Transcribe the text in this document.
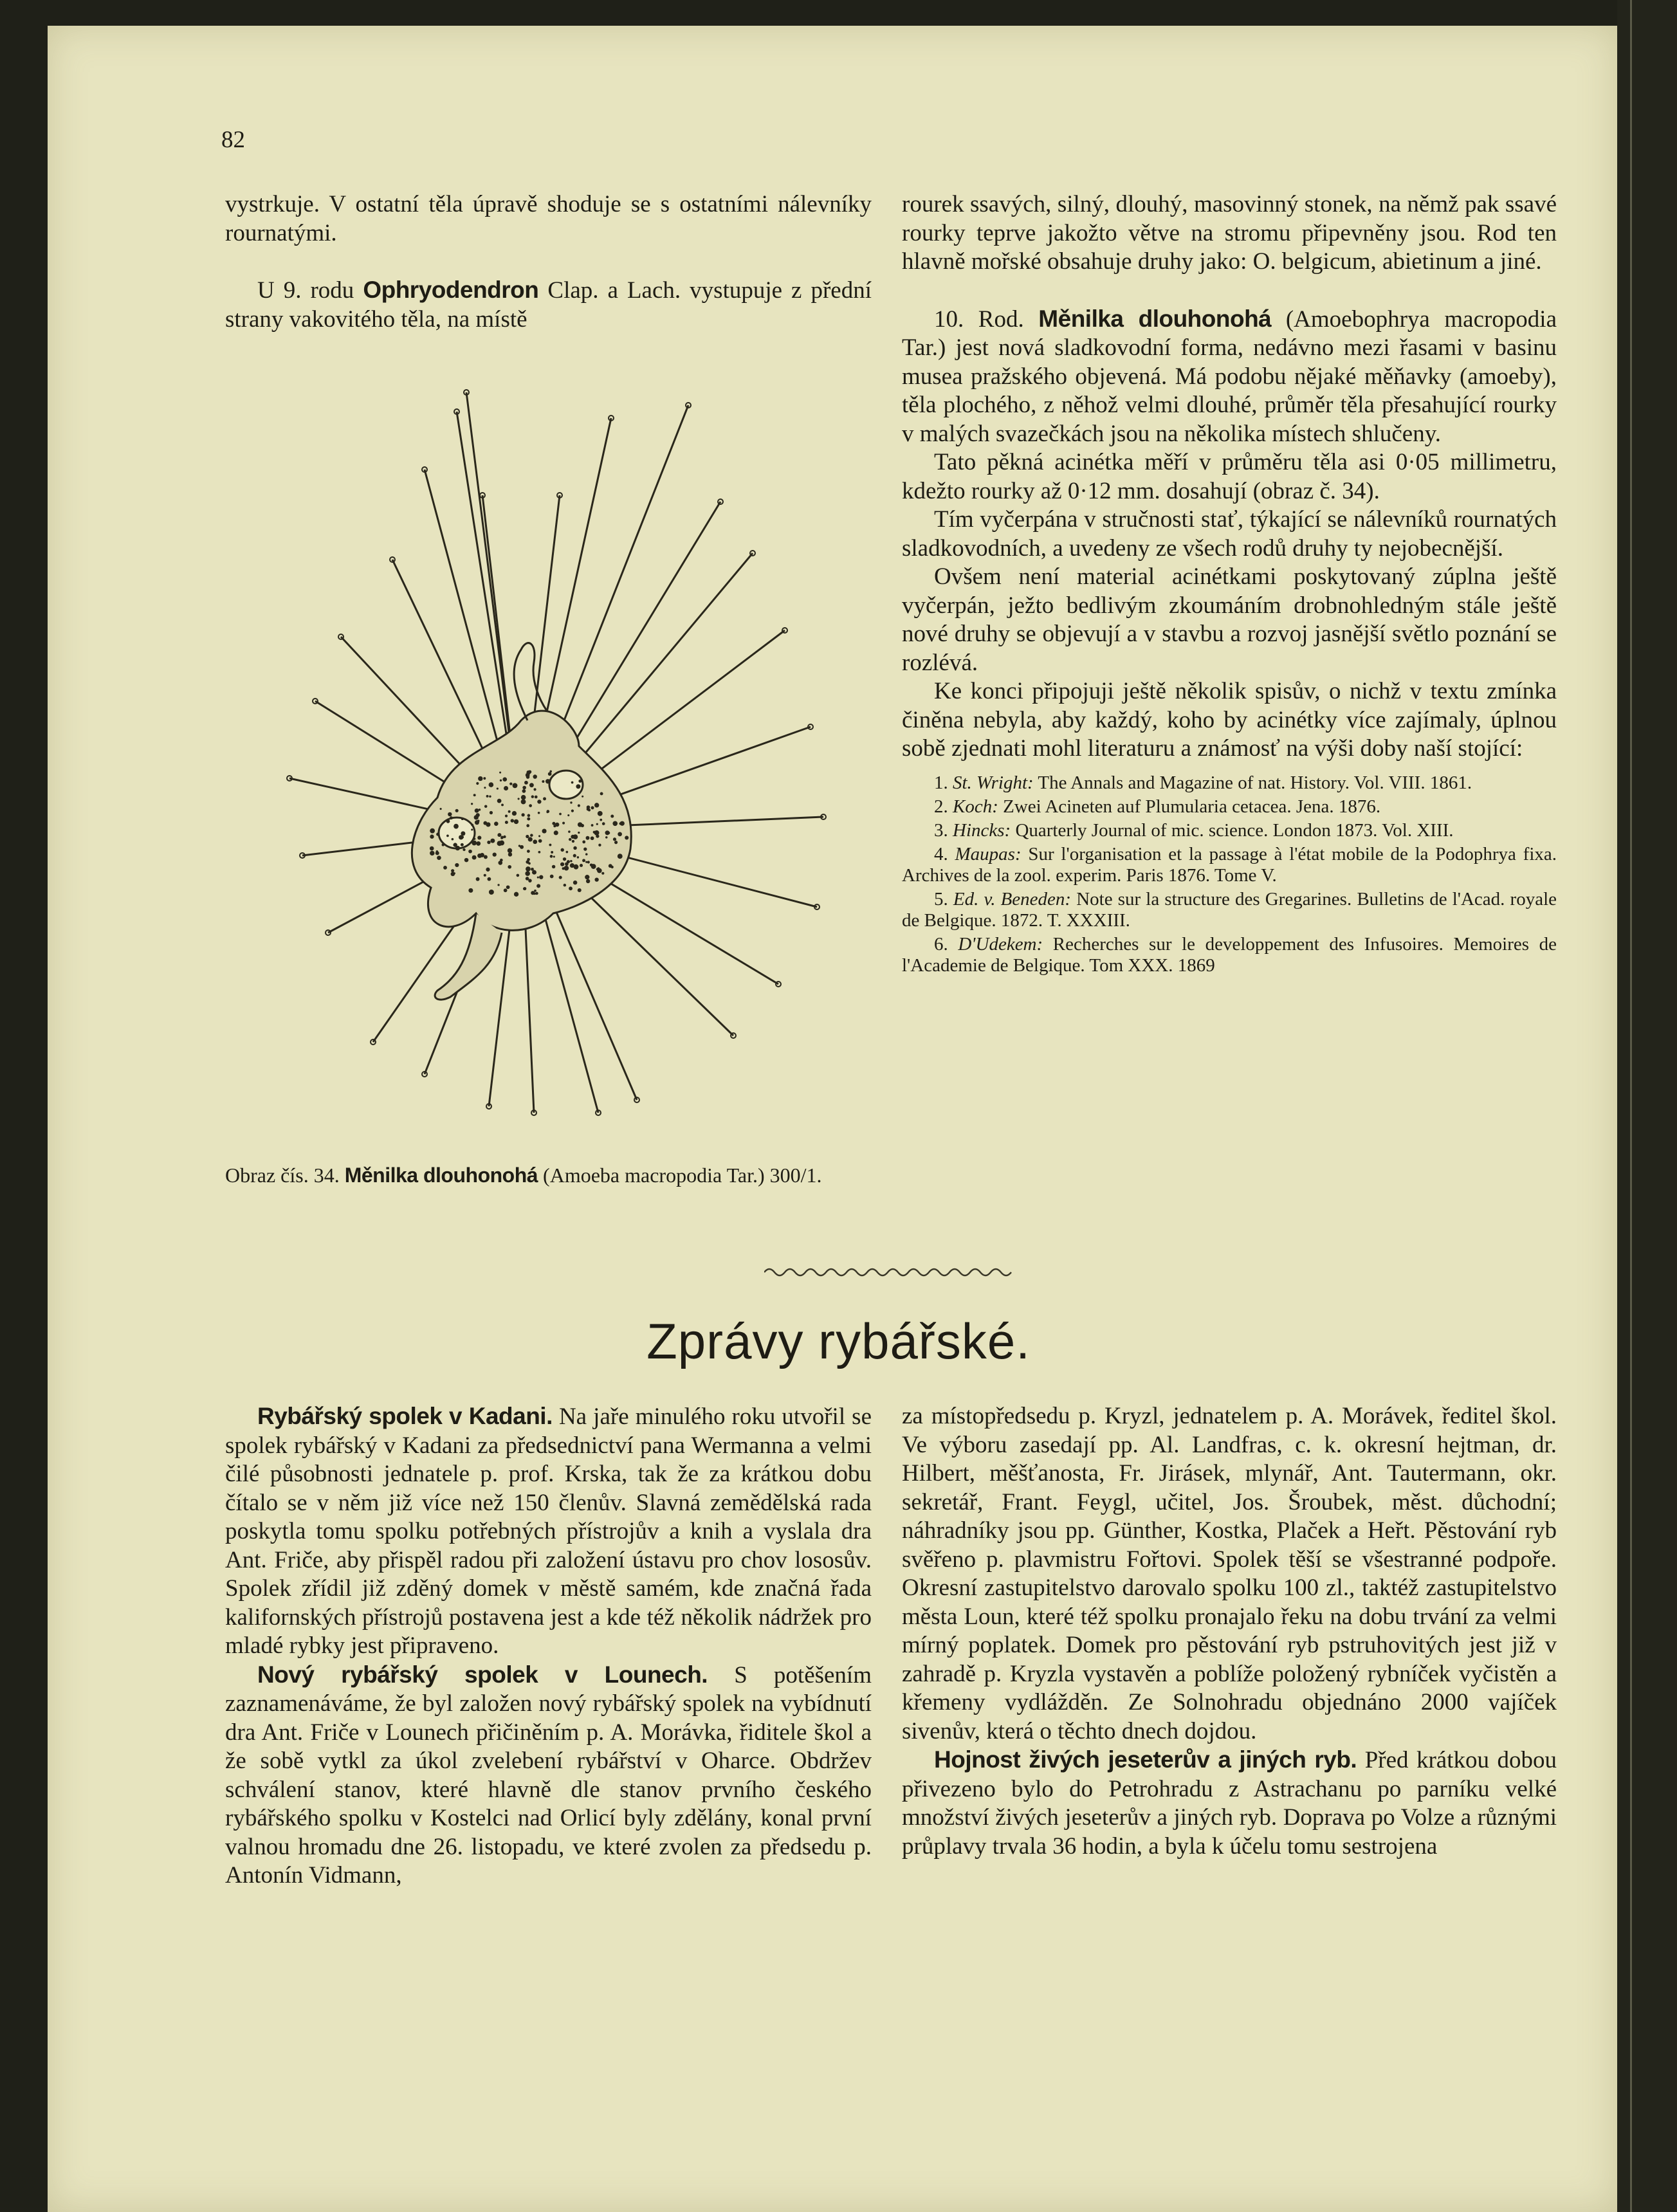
82

vystrkuje. V ostatní těla úpravě shoduje se s ostatními nálevníky rournatými.

U 9. rodu Ophryodendron Clap. a Lach. vystupuje z přední strany vakovitého těla, na místě

Obraz čís. 34. Měnilka dlouhonohá (Amoeba macropodia Tar.) 300/1.

rourek ssavých, silný, dlouhý, masovinný stonek, na němž pak ssavé rourky teprve jakožto větve na stromu připevněny jsou. Rod ten hlavně mořské obsahuje druhy jako: O. belgicum, abietinum a jiné.

10. Rod. Měnilka dlouhonohá (Amoebophrya macropodia Tar.) jest nová sladkovodní forma, nedávno mezi řasami v basinu musea pražského objevená. Má podobu nějaké měňavky (amoeby), těla plochého, z něhož velmi dlouhé, průměr těla přesahující rourky v malých svazečkách jsou na několika místech shlučeny.

Tato pěkná acinétka měří v průměru těla asi 0·05 millimetru, kdežto rourky až 0·12 mm. dosahují (obraz č. 34).

Tím vyčerpána v stručnosti stať, týkající se nálevníků rournatých sladkovodních, a uvedeny ze všech rodů druhy ty nejobecnější.

Ovšem není material acinétkami poskytovaný zúplna ještě vyčerpán, ježto bedlivým zkoumáním drobnohledným stále ještě nové druhy se objevují a v stavbu a rozvoj jasnější světlo poznání se rozlévá.

Ke konci připojuji ještě několik spisův, o nichž v textu zmínka činěna nebyla, aby každý, koho by acinétky více zajímaly, úplnou sobě zjednati mohl literaturu a známosť na výši doby naší stojící:

1. St. Wright: The Annals and Magazine of nat. History. Vol. VIII. 1861.

2. Koch: Zwei Acineten auf Plumularia cetacea. Jena. 1876.

3. Hincks: Quarterly Journal of mic. science. London 1873. Vol. XIII.

4. Maupas: Sur l'organisation et la passage à l'état mobile de la Podophrya fixa. Archives de la zool. experim. Paris 1876. Tome V.

5. Ed. v. Beneden: Note sur la structure des Gregarines. Bulletins de l'Acad. royale de Belgique. 1872. T. XXXIII.

6. D'Udekem: Recherches sur le developpement des Infusoires. Memoires de l'Academie de Belgique. Tom XXX. 1869

Zprávy rybářské.

Rybářský spolek v Kadani. Na jaře minulého roku utvořil se spolek rybářský v Kadani za předsednictví pana Wermanna a velmi čilé působnosti jednatele p. prof. Krska, tak že za krátkou dobu čítalo se v něm již více než 150 členův. Slavná zemědělská rada poskytla tomu spolku potřebných přístrojův a knih a vyslala dra Ant. Friče, aby přispěl radou při založení ústavu pro chov lososův. Spolek zřídil již zděný domek v městě samém, kde značná řada kalifornských přístrojů postavena jest a kde též několik nádržek pro mladé rybky jest připraveno.

Nový rybářský spolek v Lounech. S potěšením zaznamenáváme, že byl založen nový rybářský spolek na vybídnutí dra Ant. Friče v Lounech přičiněním p. A. Morávka, řiditele škol a že sobě vytkl za úkol zvelebení rybářství v Oharce. Obdržev schválení stanov, které hlavně dle stanov prvního českého rybářského spolku v Kostelci nad Orlicí byly zdělány, konal první valnou hromadu dne 26. listopadu, ve které zvolen za předsedu p. Antonín Vidmann,

za místopředsedu p. Kryzl, jednatelem p. A. Morávek, ředitel škol. Ve výboru zasedají pp. Al. Landfras, c. k. okresní hejtman, dr. Hilbert, měšťanosta, Fr. Jirásek, mlynář, Ant. Tautermann, okr. sekretář, Frant. Feygl, učitel, Jos. Šroubek, měst. důchodní; náhradníky jsou pp. Günther, Kostka, Plaček a Heřt. Pěstování ryb svěřeno p. plavmistru Fořtovi. Spolek těší se všestranné podpoře. Okresní zastupitelstvo darovalo spolku 100 zl., taktéž zastupitelstvo města Loun, které též spolku pronajalo řeku na dobu trvání za velmi mírný poplatek. Domek pro pěstování ryb pstruhovitých jest již v zahradě p. Kryzla vystavěn a poblíže položený rybníček vyčistěn a křemeny vydlážděn. Ze Solnohradu objednáno 2000 vajíček sivenův, která o těchto dnech dojdou.

Hojnost živých jeseterův a jiných ryb. Před krátkou dobou přivezeno bylo do Petrohradu z Astrachanu po parníku velké množství živých jeseterův a jiných ryb. Doprava po Volze a různými průplavy trvala 36 hodin, a byla k účelu tomu sestrojena
